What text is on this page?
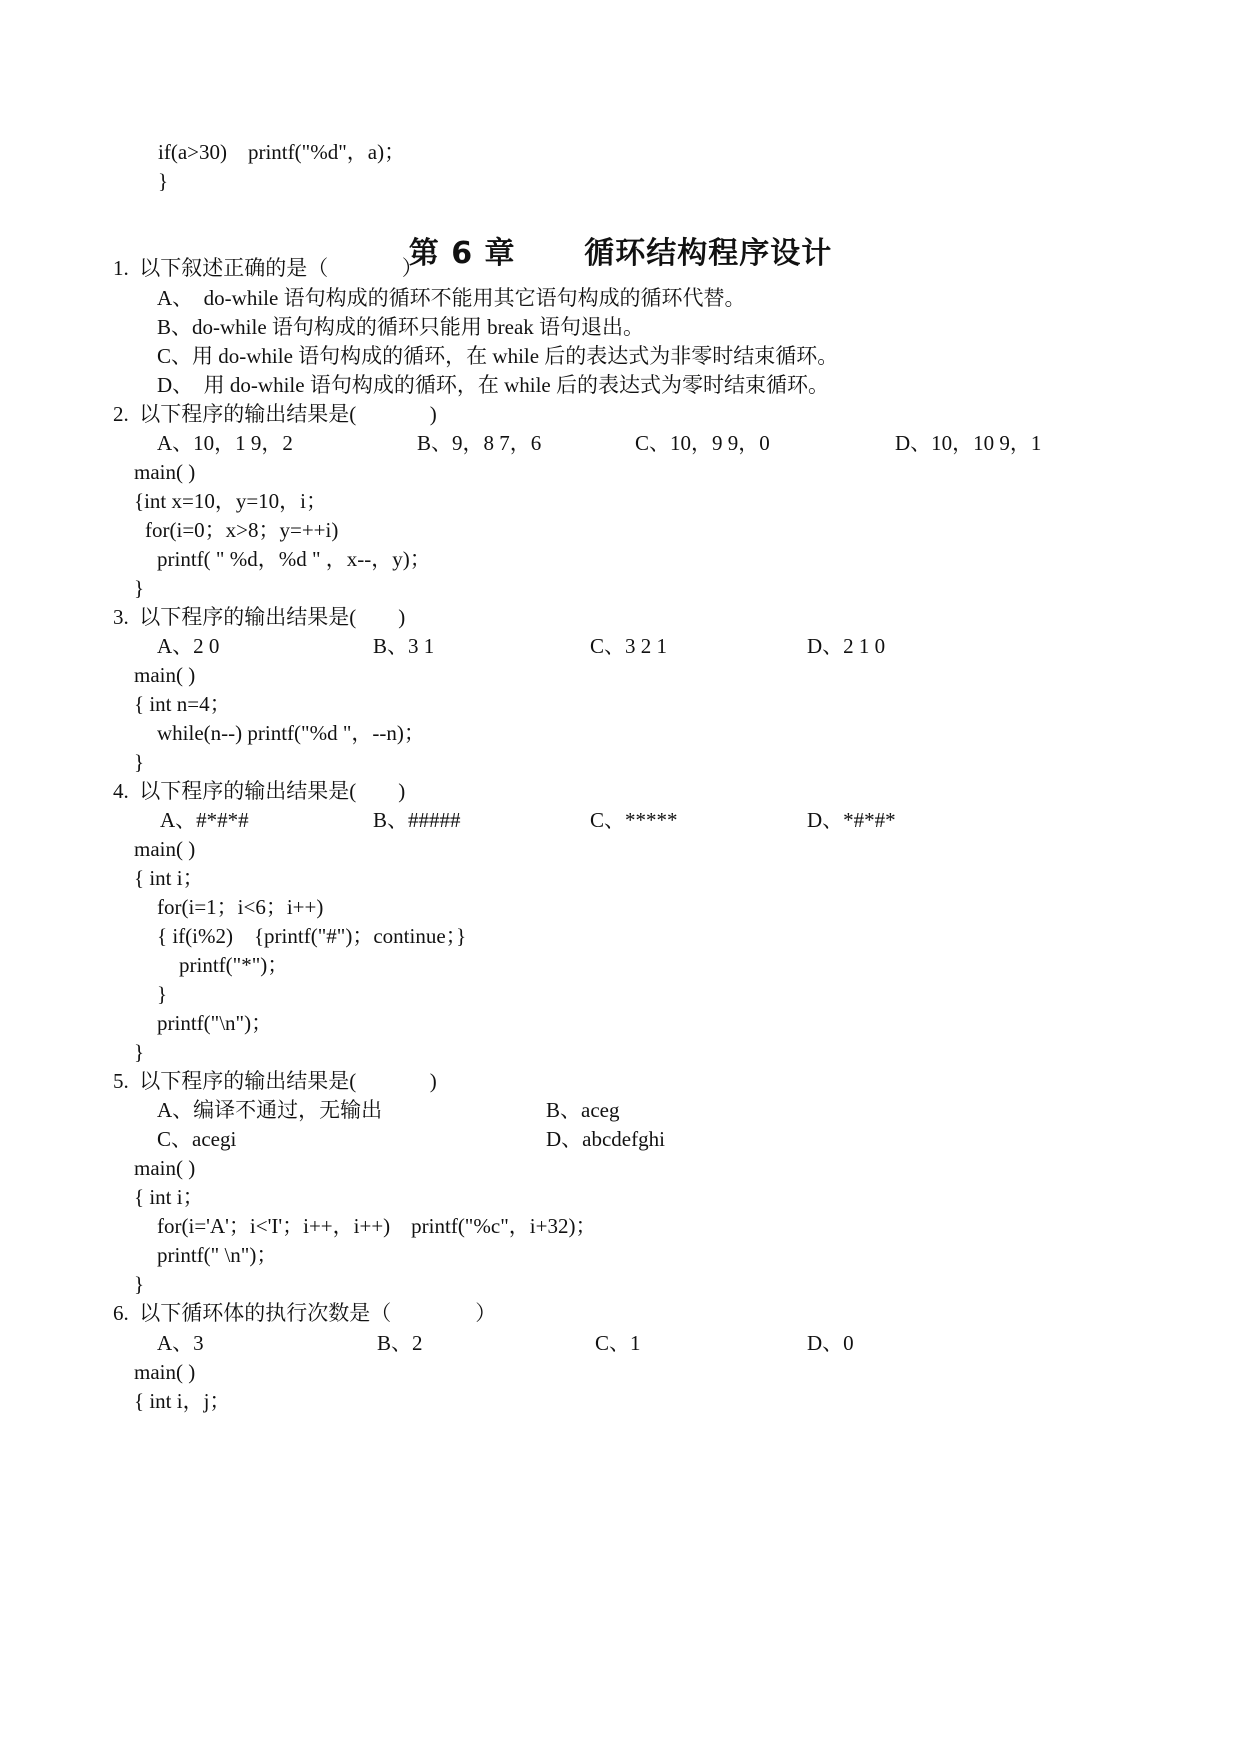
if(a>30)    printf("%d"，a)；
}
第 6 章      循环结构程序设计
1.  以下叙述正确的是（              ）
A、  do-while 语句构成的循环不能用其它语句构成的循环代替。
B、do-while 语句构成的循环只能用 break 语句退出。
C、用 do-while 语句构成的循环，在 while 后的表达式为非零时结束循环。
D、  用 do-while 语句构成的循环，在 while 后的表达式为零时结束循环。
2.  以下程序的输出结果是(              )
A、10，1 9，2	B、9，8 7，6	C、10，9 9，0	D、10，10 9，1
main( )
{int x=10，y=10，i；
for(i=0；x>8；y=++i)
printf( " %d，%d " ，x--，y)；
}
3.  以下程序的输出结果是(        )
A、2 0	B、3 1	C、3 2 1	D、2 1 0
main( )
{ int n=4；
while(n--) printf("%d "，--n)；
}
4.  以下程序的输出结果是(        )
A、#*#*#	B、#####	C、*****	D、*#*#*
main( )
{ int i；
for(i=1；i<6；i++)
{ if(i%2)    {printf("#")；continue；}
printf("*")；
}
printf("\n")；
}
5.  以下程序的输出结果是(              )
A、编译不通过，无输出	B、aceg
C、acegi	D、abcdefghi
main( )
{ int i；
for(i='A'；i<'I'；i++，i++)    printf("%c"，i+32)；
printf(" \n")；
}
6.  以下循环体的执行次数是（                ）
A、3	B、2	C、1	D、0
main( )
{ int i，j；
